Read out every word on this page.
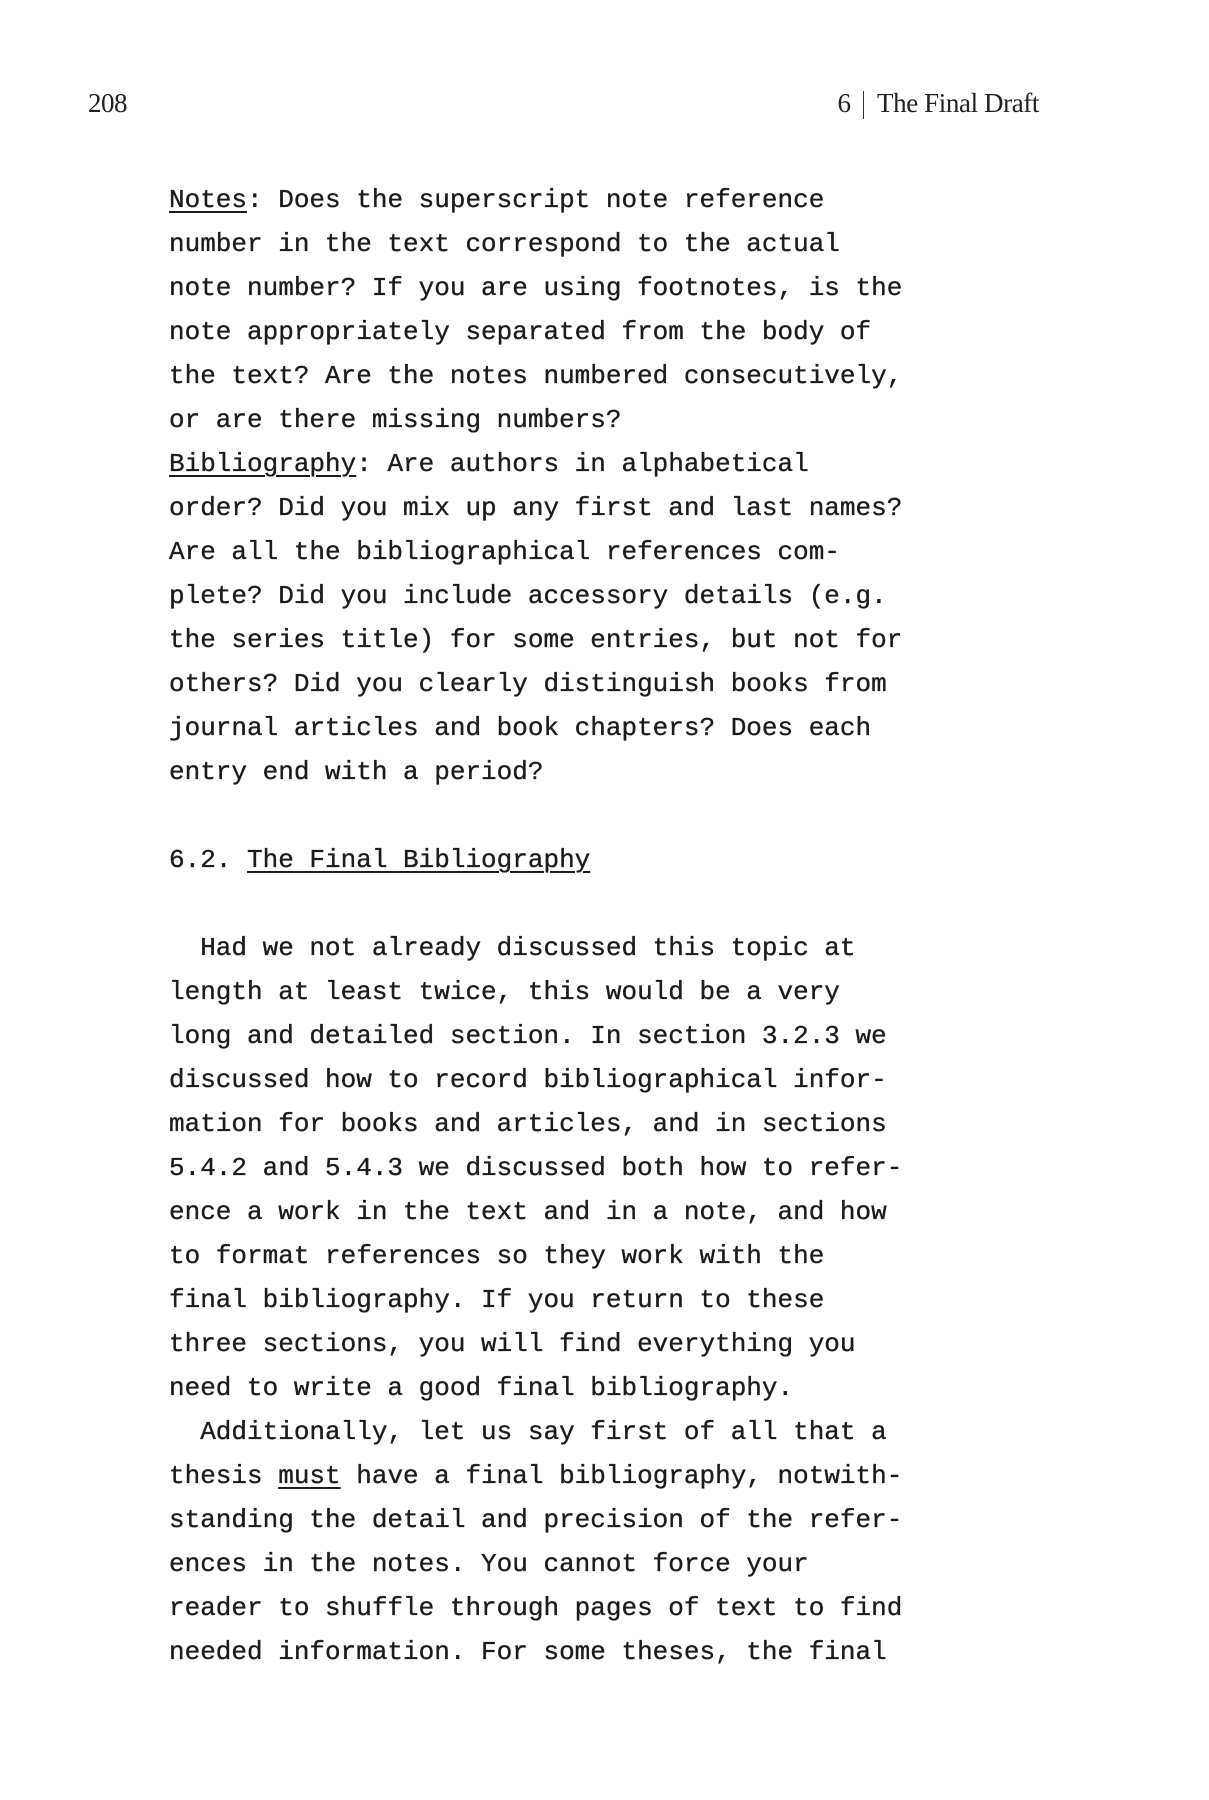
208	6 The Final Draft
Notes: Does the superscript note reference
number in the text correspond to the actual
note number? If you are using footnotes, is the
note appropriately separated from the body of
the text? Are the notes numbered consecutively,
or are there missing numbers?
Bibliography: Are authors in alphabetical
order? Did you mix up any first and last names?
Are all the bibliographical references com-
plete? Did you include accessory details (e.g.
the series title) for some entries, but not for
others? Did you clearly distinguish books from
journal articles and book chapters? Does each
entry end with a period?
6.2. The Final Bibliography
Had we not already discussed this topic at
length at least twice, this would be a very
long and detailed section. In section 3.2.3 we
discussed how to record bibliographical infor-
mation for books and articles, and in sections
5.4.2 and 5.4.3 we discussed both how to refer-
ence a work in the text and in a note, and how
to format references so they work with the
final bibliography. If you return to these
three sections, you will find everything you
need to write a good final bibliography.
Additionally, let us say first of all that a
thesis must have a final bibliography, notwith-
standing the detail and precision of the refer-
ences in the notes. You cannot force your
reader to shuffle through pages of text to find
needed information. For some theses, the final
